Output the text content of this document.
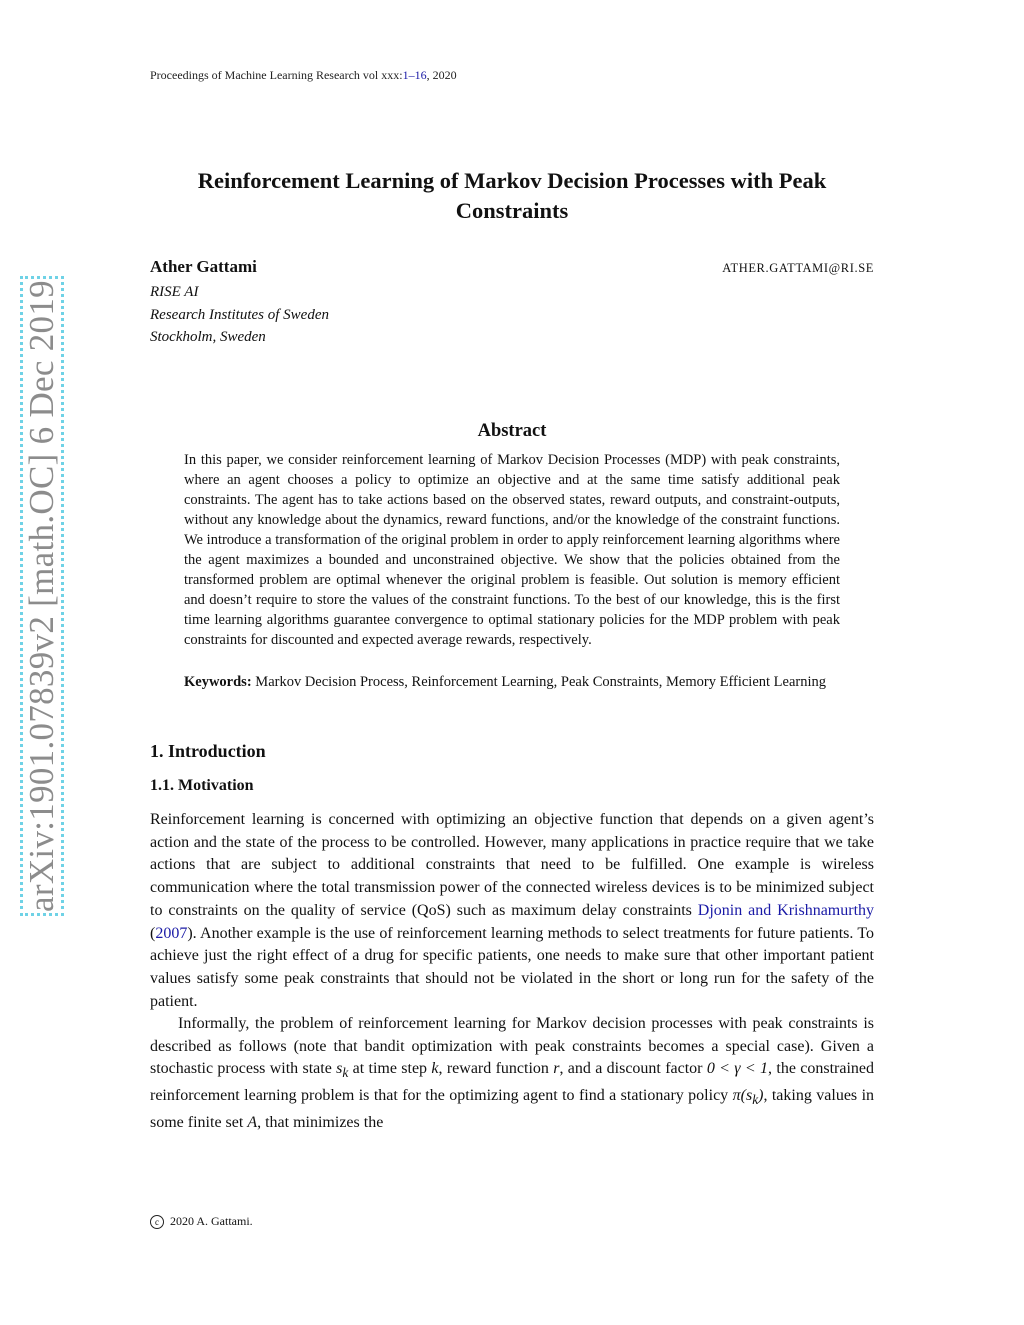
Proceedings of Machine Learning Research vol xxx:1–16, 2020
arXiv:1901.07839v2 [math.OC] 6 Dec 2019
Reinforcement Learning of Markov Decision Processes with Peak Constraints
Ather Gattami	ATHER.GATTAMI@RI.SE
RISE AI
Research Institutes of Sweden
Stockholm, Sweden
Abstract
In this paper, we consider reinforcement learning of Markov Decision Processes (MDP) with peak constraints, where an agent chooses a policy to optimize an objective and at the same time satisfy additional peak constraints. The agent has to take actions based on the observed states, reward outputs, and constraint-outputs, without any knowledge about the dynamics, reward functions, and/or the knowledge of the constraint functions. We introduce a transformation of the original problem in order to apply reinforcement learning algorithms where the agent maximizes a bounded and unconstrained objective. We show that the policies obtained from the transformed problem are optimal whenever the original problem is feasible. Out solution is memory efficient and doesn’t require to store the values of the constraint functions. To the best of our knowledge, this is the first time learning algorithms guarantee convergence to optimal stationary policies for the MDP problem with peak constraints for discounted and expected average rewards, respectively.
Keywords: Markov Decision Process, Reinforcement Learning, Peak Constraints, Memory Efficient Learning
1. Introduction
1.1. Motivation
Reinforcement learning is concerned with optimizing an objective function that depends on a given agent’s action and the state of the process to be controlled. However, many applications in practice require that we take actions that are subject to additional constraints that need to be fulfilled. One example is wireless communication where the total transmission power of the connected wireless devices is to be minimized subject to constraints on the quality of service (QoS) such as maximum delay constraints Djonin and Krishnamurthy (2007). Another example is the use of reinforcement learning methods to select treatments for future patients. To achieve just the right effect of a drug for specific patients, one needs to make sure that other important patient values satisfy some peak constraints that should not be violated in the short or long run for the safety of the patient.
Informally, the problem of reinforcement learning for Markov decision processes with peak constraints is described as follows (note that bandit optimization with peak constraints becomes a special case). Given a stochastic process with state $s_k$ at time step k, reward function r, and a discount factor 0 < γ < 1, the constrained reinforcement learning problem is that for the optimizing agent to find a stationary policy $\pi(s_k)$, taking values in some finite set A, that minimizes the
c 2020 A. Gattami.
